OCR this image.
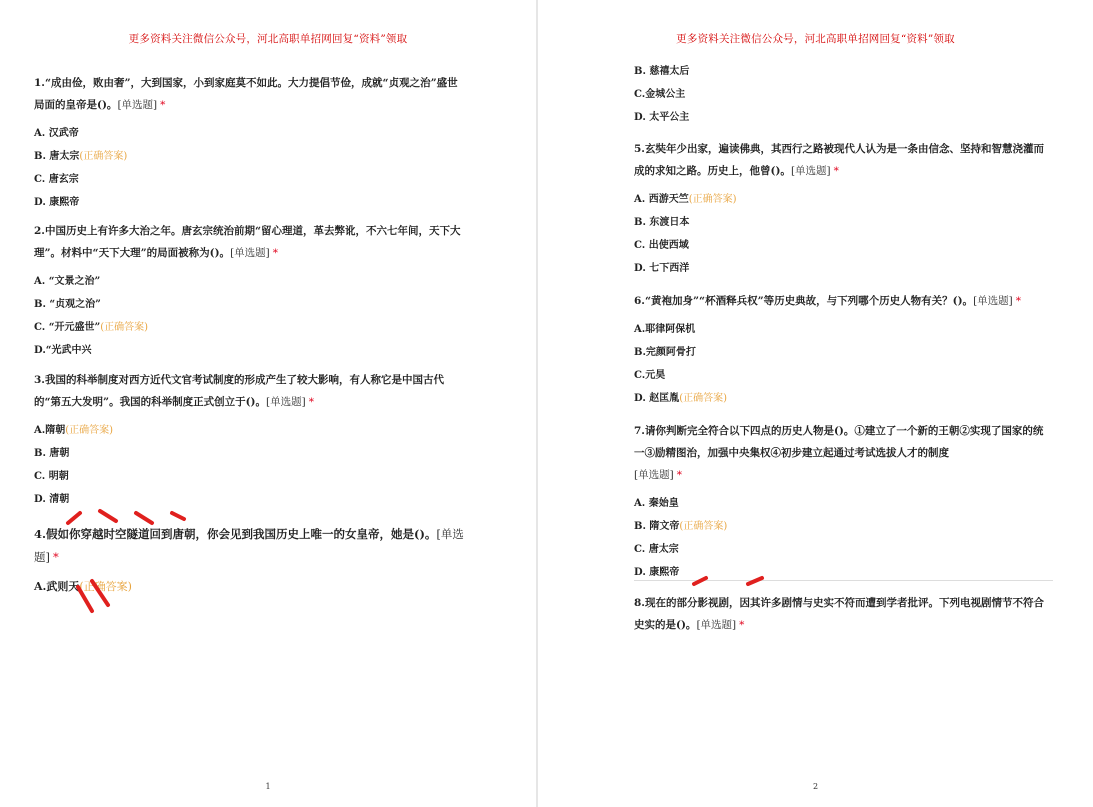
更多资料关注微信公众号，河北高职单招网回复“资料”领取
1.“成由俭，败由奢”，大到国家，小到家庭莫不如此。大力提倡节俭，成就“贞观之治”盛世局面的皇帝是()。[单选题] *
A. 汉武帝
B. 唐太宗(正确答案)
C. 唐玄宗
D. 康熙帝
2.中国历史上有许多大治之年。唐玄宗统治前期“留心理道，革去弊讹，不六七年间，天下大理”。材料中“天下大理”的局面被称为()。[单选题] *
A. “文景之治”
B. “贞观之治”
C. “开元盛世”(正确答案)
D.“光武中兴
3.我国的科举制度对西方近代文官考试制度的形成产生了较大影响，有人称它是中国古代的“第五大发明”。我国的科举制度正式创立于()。[单选题] *
A.隋朝(正确答案)
B. 唐朝
C. 明朝
D. 清朝
4.假如你穿越时空隧道回到唐朝，你会见到我国历史上唯一的女皇帝，她是()。[单选题] *
A.武则天(正确答案)
1
更多资料关注微信公众号，河北高职单招网回复“资料”领取
B. 慈禧太后
C.金城公主
D. 太平公主
5.玄奘年少出家，遍读佛典，其西行之路被现代人认为是一条由信念、坚持和智慧浇灌而成的求知之路。历史上，他曾()。[单选题] *
A. 西游天竺(正确答案)
B. 东渡日本
C. 出使西域
D. 七下西洋
6.“黄袍加身”“杯酒释兵权”等历史典故，与下列哪个历史人物有关？()。[单选题] *
A.耶律阿保机
B.完颜阿骨打
C.元昊
D. 赵匡胤(正确答案)
7.请你判断完全符合以下四点的历史人物是()。①建立了一个新的王朝②实现了国家的统一③励精图治，加强中央集权④初步建立起通过考试选拔人才的制度
[单选题] *
A. 秦始皇
B. 隋文帝(正确答案)
C. 唐太宗
D. 康熙帝
8.现在的部分影视剧，因其许多剧情与史实不符而遭到学者批评。下列电视剧情节不符合史实的是()。[单选题] *
2
